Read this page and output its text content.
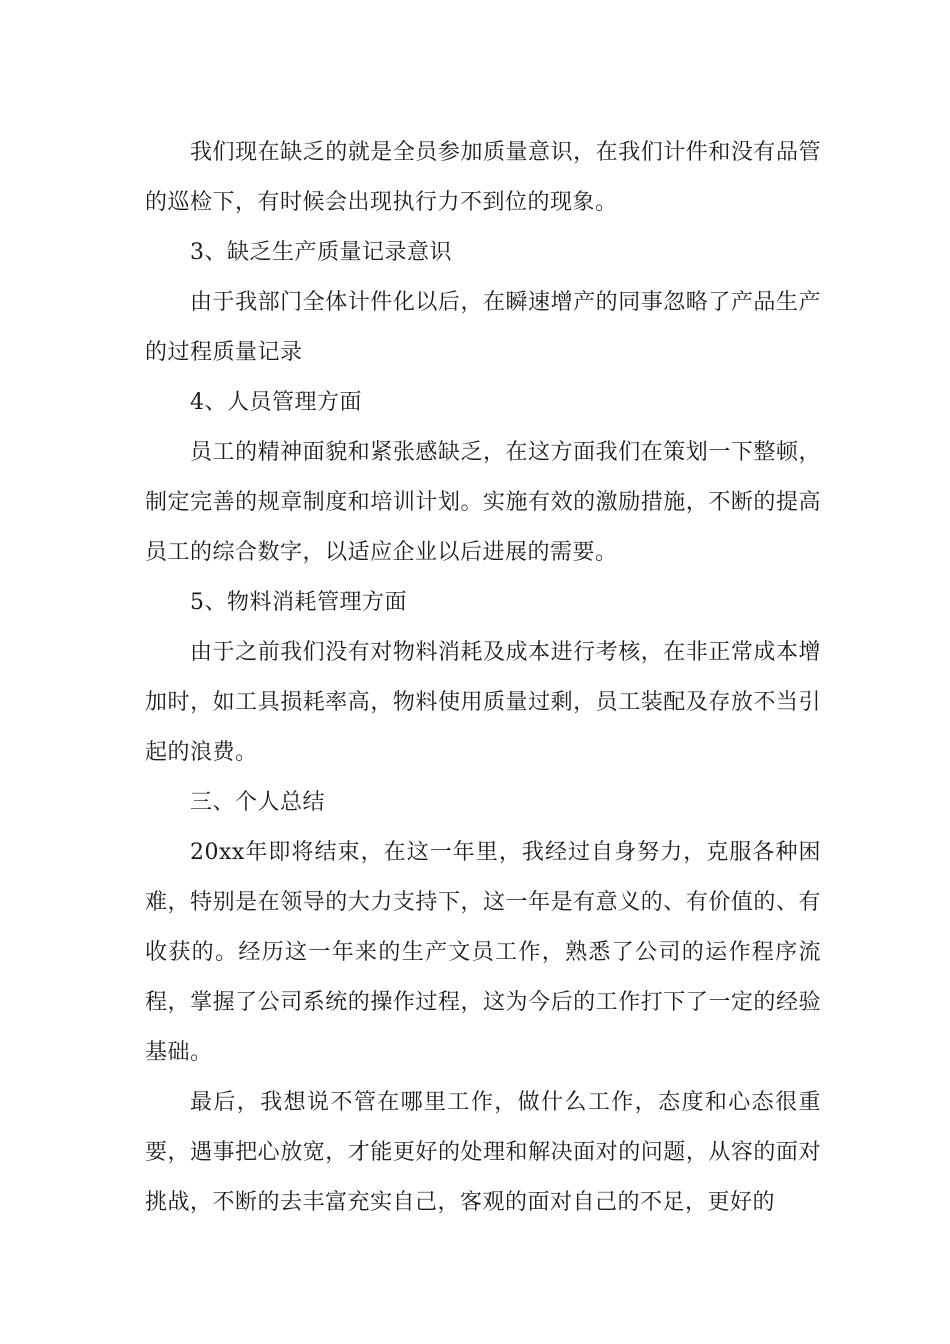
我们现在缺乏的就是全员参加质量意识，在我们计件和没有品管的巡检下，有时候会出现执行力不到位的现象。

3、缺乏生产质量记录意识

由于我部门全体计件化以后，在瞬速增产的同事忽略了产品生产的过程质量记录

4、人员管理方面

员工的精神面貌和紧张感缺乏，在这方面我们在策划一下整顿，制定完善的规章制度和培训计划。实施有效的激励措施，不断的提高员工的综合数字，以适应企业以后进展的需要。

5、物料消耗管理方面

由于之前我们没有对物料消耗及成本进行考核，在非正常成本增加时，如工具损耗率高，物料使用质量过剩，员工装配及存放不当引起的浪费。

三、个人总结

20xx年即将结束，在这一年里，我经过自身努力，克服各种困难，特别是在领导的大力支持下，这一年是有意义的、有价值的、有收获的。经历这一年来的生产文员工作，熟悉了公司的运作程序流程，掌握了公司系统的操作过程，这为今后的工作打下了一定的经验基础。

最后，我想说不管在哪里工作，做什么工作，态度和心态很重要，遇事把心放宽，才能更好的处理和解决面对的问题，从容的面对挑战，不断的去丰富充实自己，客观的面对自己的不足，更好的
